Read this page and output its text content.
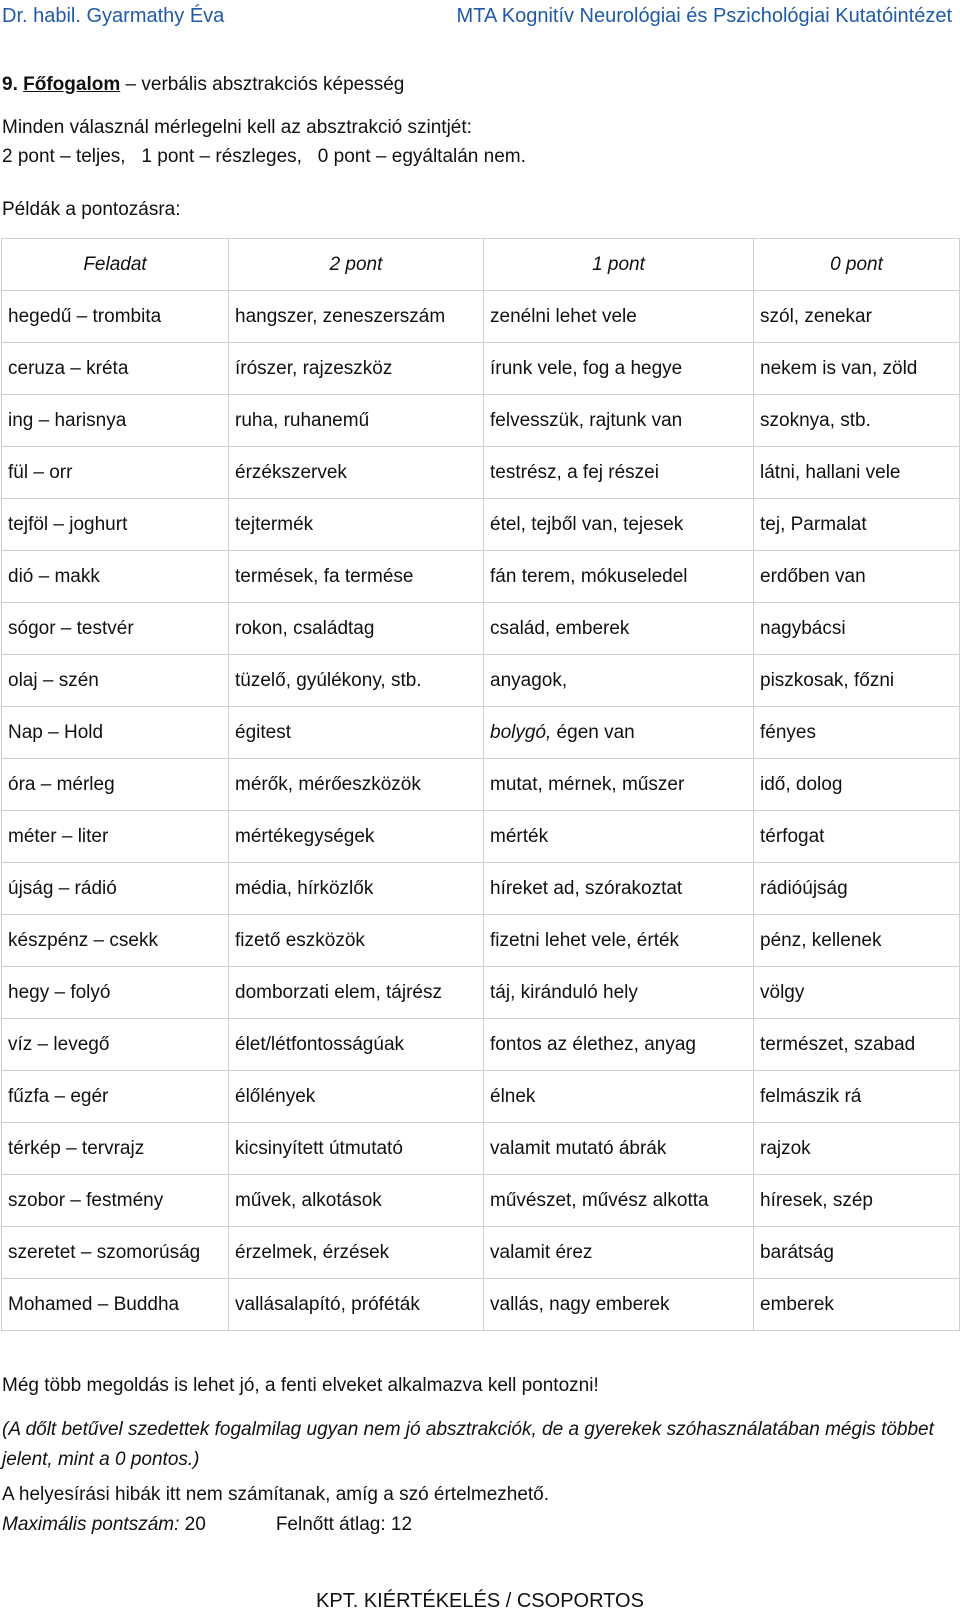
Dr. habil. Gyarmathy Éva	MTA Kognitív Neurológiai és Pszichológiai Kutatóintézet
9. Főfogalom – verbális absztrakciós képesség
Minden válasznál mérlegelni kell az absztrakció szintjét:
2 pont – teljes,   1 pont – részleges,   0 pont – egyáltalán nem.
Példák a pontozásra:
Feladat	2 pont	1 pont	0 pont
hegedű – trombita	hangszer, zeneszerszám	zenélni lehet vele	szól, zenekar
ceruza – kréta	írószer, rajzeszköz	írunk vele, fog a hegye	nekem is van, zöld
ing – harisnya	ruha, ruhanemű	felvesszük, rajtunk van	szoknya, stb.
fül – orr	érzékszervek	testrész, a fej részei	látni, hallani vele
tejföl – joghurt	tejtermék	étel, tejből van, tejesek	tej, Parmalat
dió – makk	termések, fa termése	fán terem, mókuseledel	erdőben van
sógor – testvér	rokon, családtag	család, emberek	nagybácsi
olaj – szén	tüzelő, gyúlékony, stb.	anyagok,	piszkosak, főzni
Nap – Hold	égitest	bolygó, égen van	fényes
óra – mérleg	mérők, mérőeszközök	mutat, mérnek, műszer	idő, dolog
méter – liter	mértékegységek	mérték	térfogat
újság – rádió	média, hírközlők	híreket ad, szórakoztat	rádióújság
készpénz – csekk	fizető eszközök	fizetni lehet vele, érték	pénz, kellenek
hegy – folyó	domborzati elem, tájrész	táj, kiránduló hely	völgy
víz – levegő	élet/létfontosságúak	fontos az élethez, anyag	természet, szabad
fűzfa – egér	élőlények	élnek	felmászik rá
térkép – tervrajz	kicsinyített útmutató	valamit mutató ábrák	rajzok
szobor – festmény	művek, alkotások	művészet, művész alkotta	híresek, szép
szeretet – szomorúság	érzelmek, érzések	valamit érez	barátság
Mohamed – Buddha	vallásalapító, próféták	vallás, nagy emberek	emberek
Még több megoldás is lehet jó, a fenti elveket alkalmazva kell pontozni!
(A dőlt betűvel szedettek fogalmilag ugyan nem jó absztrakciók, de a gyerekek szóhasználatában mégis többet jelent, mint a 0 pontos.)
A helyesírási hibák itt nem számítanak, amíg a szó értelmezhető.
Maximális pontszám: 20	Felnőtt átlag: 12
KPT. KIÉRTÉKELÉS / CSOPORTOS
